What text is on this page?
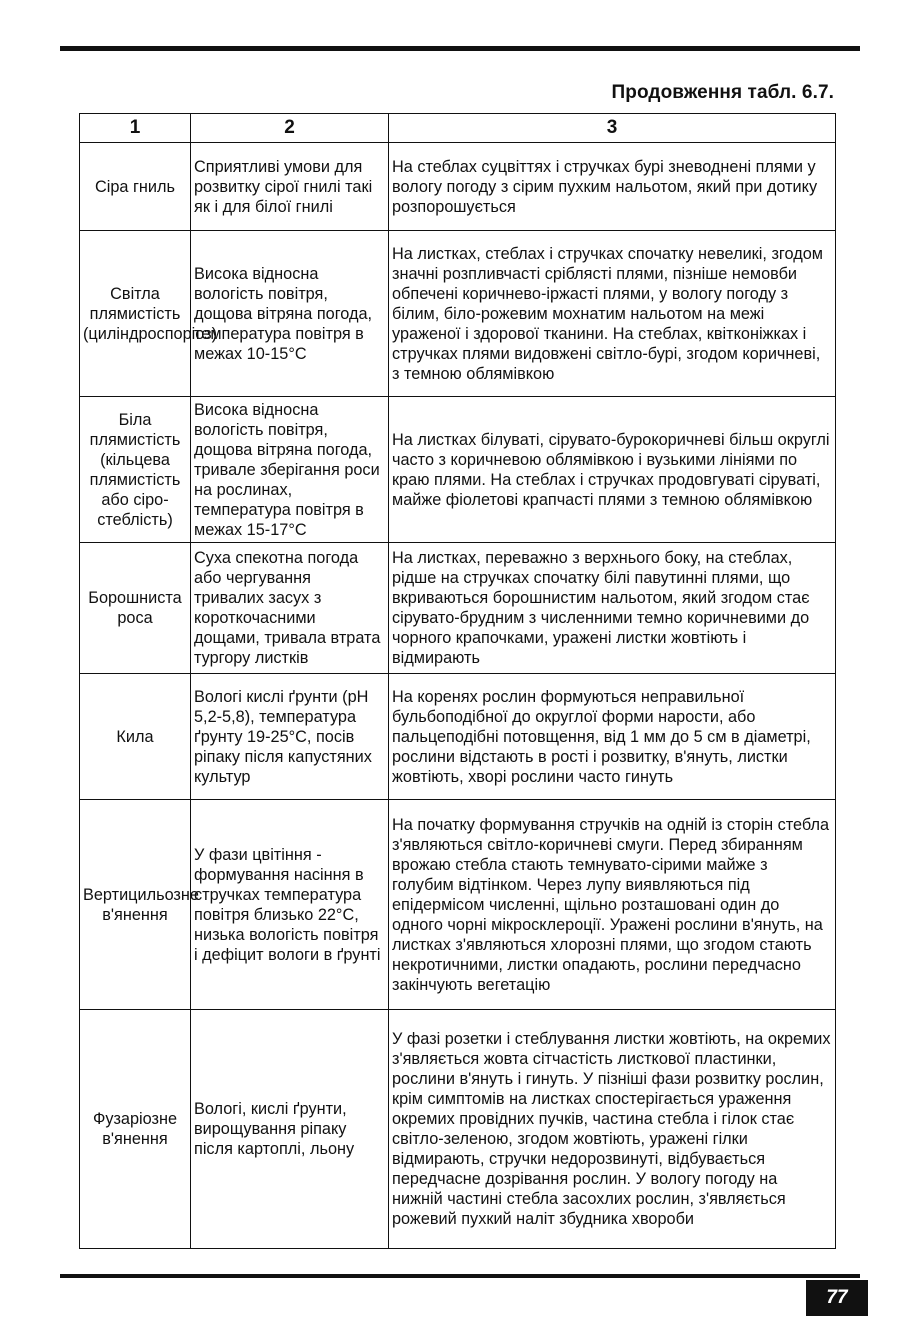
Продовження табл. 6.7.
1	2	3
Сіра гниль	Сприятливі умови для розвитку сірої гнилі такі як і для білої гнилі	На стеблах суцвіттях і стручках бурі зневоднені плями у вологу погоду з сірим пухким нальотом, який при дотику розпорошується
Світла плямистість (циліндроспоріоз)	Висока відносна вологість повітря, дощова вітряна погода, температура повітря в межах 10-15°С	На листках, стеблах і стручках спочатку невеликі, згодом значні розпливчасті сріблясті плями, пізніше немовби обпечені коричнево-іржасті плями, у вологу погоду з білим, біло-рожевим мохнатим нальотом на межі ураженої і здорової тканини. На стеблах, квітконіжках і стручках плями видовжені світло-бурі, згодом коричневі, з темною облямівкою
Біла плямистість (кільцева плямистість або сіро-стеблість)	Висока відносна вологість повітря, дощова вітряна погода, тривале зберігання роси на рослинах, температура повітря в межах 15-17°С	На листках білуваті, сірувато-бурокоричневі більш округлі часто з коричневою облямівкою і вузькими лініями по краю плями. На стеблах і стручках продовгуваті сіруваті, майже фіолетові крапчасті плями з темною облямівкою
Борошниста роса	Суха спекотна погода або чергування тривалих засух з короткочасними дощами, тривала втрата тургору листків	На листках, переважно з верхнього боку, на стеблах, рідше на стручках спочатку білі павутинні плями, що вкриваються борошнистим нальотом, який згодом стає сірувато-брудним з численними темно коричневими до чорного крапочками, уражені листки жовтіють і відмирають
Кила	Вологі кислі ґрунти (pH 5,2-5,8), температура ґрунту 19-25°С, посів ріпаку після капустяних культур	На коренях рослин формуються неправильної бульбоподібної до округлої форми нарости, або пальцеподібні потовщення, від 1 мм до 5 см в діаметрі, рослини відстають в рості і розвитку, в'януть, листки жовтіють, хворі рослини часто гинуть
Вертицильозне в'янення	У фази цвітіння - формування насіння в стручках температура повітря близько 22°С, низька вологість повітря і дефіцит вологи в ґрунті	На початку формування стручків на одній із сторін стебла з'являються світло-коричневі смуги. Перед збиранням врожаю стебла стають темнувато-сірими майже з голубим відтінком. Через лупу виявляються під епідермісом численні, щільно розташовані один до одного чорні мікросклероції. Уражені рослини в'януть, на листках з'являються хлорозні плями, що згодом стають некротичними, листки опадають, рослини передчасно закінчують вегетацію
Фузаріозне в'янення	Вологі, кислі ґрунти, вирощування ріпаку після картоплі, льону	У фазі розетки і стеблування листки жовтіють, на окремих з'являється жовта сітчастість листкової пластинки, рослини в'януть і гинуть. У пізніші фази розвитку рослин, крім симптомів на листках спостерігається ураження окремих провідних пучків, частина стебла і гілок стає світло-зеленою, згодом жовтіють, уражені гілки відмирають, стручки недорозвинуті, відбувається передчасне дозрівання рослин. У вологу погоду на нижній частині стебла засохлих рослин, з'являється рожевий пухкий наліт збудника хвороби
77
